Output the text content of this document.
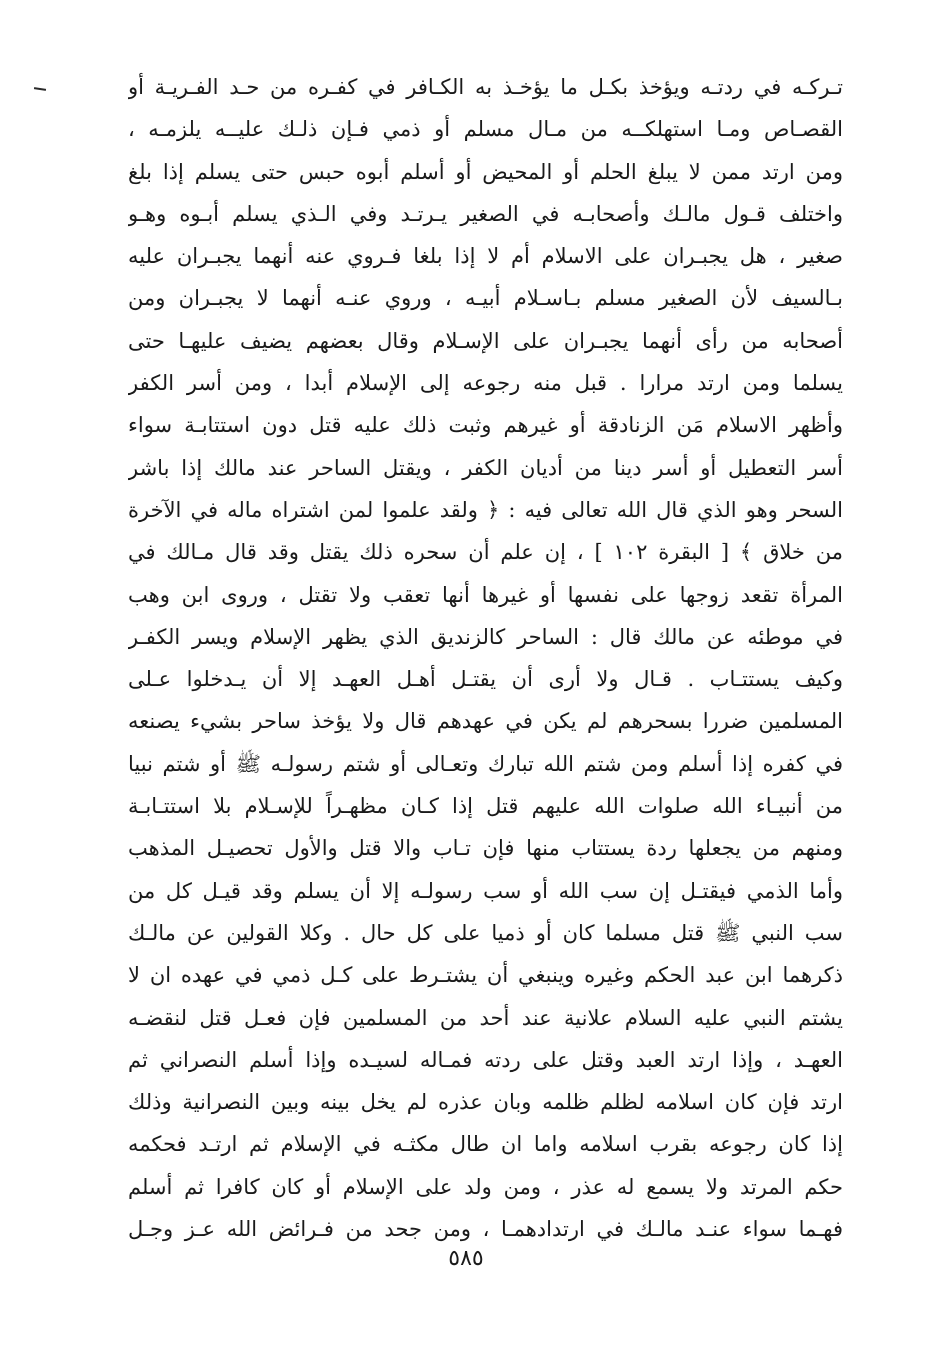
تـركـه في ردتـه ويؤخذ بكـل ما يؤخـذ به الكـافر في كفـره من حـد الفـريـة أو
القصـاص ومـا استهلكــه من مـال مسلم أو ذمي فـإن ذلـك عليــه يلزمـه ،
ومن ارتد ممن لا يبلغ الحلم أو المحيض أو أسلم أبوه حبس حتى يسلم إذا بلغ
واختلف قـول مالـك وأصحابـه في الصغير يـرتـد وفي الـذي يسلم أبـوه وهـو
صغير ، هل يجبـران على الاسلام أم لا إذا بلغا فـروي عنه أنهما يجبـران عليه
بـالسيف لأن الصغير مسلم بـاسـلام أبيـه ، وروي عنـه أنهما لا يجبـران ومن
أصحابه من رأى أنهما يجبـران على الإسـلام وقال بعضهم يضيف عليهـا حتى
يسلما ومن ارتد مرارا . قبل منه رجوعه إلى الإسلام أبدا ، ومن أسر الكفر
وأظهر الاسلام مَن الزنادقة أو غيرهم وثبت ذلك عليه قتل دون استتابـة سواء
أسر التعطيل أو أسر دينا من أديان الكفر ، ويقتل الساحر عند مالك إذا باشر
السحر وهو الذي قال الله تعالى فيه : ﴿ ولقد علموا لمن اشتراه ماله في الآخرة
من خلاق ﴾ [ البقرة ١٠٢ ] ، إن علم أن سحره ذلك يقتل وقد قال مـالك في
المرأة تقعد زوجها على نفسها أو غيرها أنها تعقب ولا تقتل ، وروى ابن وهب
في موطئه عن مالك قال : الساحر كالزنديق الذي يظهر الإسلام ويسر الكفـر
وكيف يستتـاب . قـال ولا أرى أن يقتـل أهـل العهـد إلا أن يـدخلوا عـلى
المسلمين ضررا بسحرهم لم يكن في عهدهم قال ولا يؤخذ ساحر بشيء يصنعه
في كفره إذا أسلم ومن شتم الله تبارك وتعـالى أو شتم رسولـه ﷺ أو شتم نبيا
من أنبيـاء الله صلوات الله عليهم قتل إذا كـان مظهـراً للإسـلام بلا استتـابـة
ومنهم من يجعلها ردة يستتاب منها فإن تـاب والا قتل والأول تحصيـل المذهب
وأما الذمي فيقتـل إن سب الله أو سب رسولـه إلا أن يسلم وقد قيـل كل من
سب النبي ﷺ قتل مسلما كان أو ذميا على كل حال . وكلا القولين عن مالـك
ذكرهما ابن عبد الحكم وغيره وينبغي أن يشتـرط على كـل ذمي في عهده ان لا
يشتم النبي عليه السلام علانية عند أحد من المسلمين فإن فعـل قتل لنقضـه
العهـد ، وإذا ارتد العبد وقتل على ردته فمـاله لسيـده وإذا أسلم النصراني ثم
ارتد فإن كان اسلامه لظلم ظلمه وبان عذره لم يخل بينه وبين النصرانية وذلك
إذا كان رجوعه بقرب اسلامه واما ان طال مكثـه في الإسلام ثم ارتـد فحكمه
حكم المرتد ولا يسمع له عذر ، ومن ولد على الإسلام أو كان كافرا ثم أسلم
فهـما سواء عنـد مالـك في ارتدادهمـا ، ومن جحد من فـرائض الله عـز وجـل
٥٨٥
